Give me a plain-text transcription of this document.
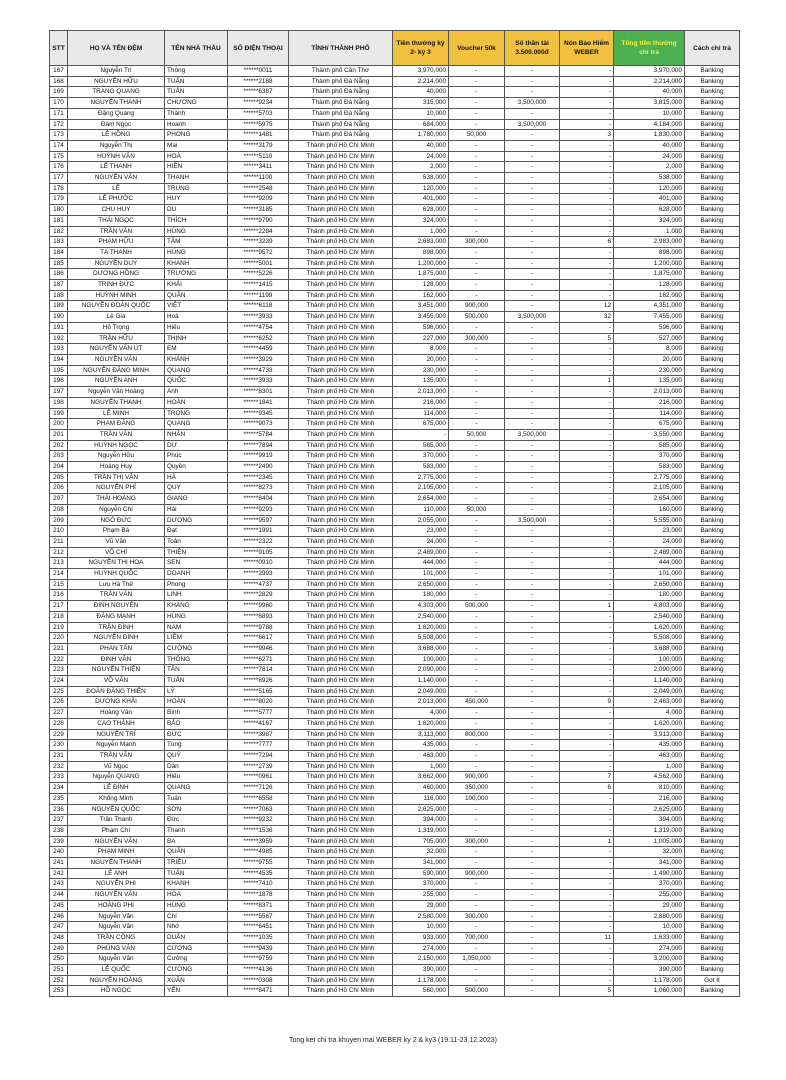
STT	HỌ VÀ TÊN ĐỆM	TÊN NHÀ THẦU	SỐ ĐIỆN THOẠI	TỈNH/ THÀNH PHỐ	Tiền thưởng kỳ 2- kỳ 3	Voucher 50k	Số thần tài 3.500.000đ	Nón Bảo Hiểm WEBER	Tổng tiền thưởng chi trả	Cách chi trả
167	Nguyễn Trí	Thông	******0011	Thành phố Cần Thơ	3,970,000	-	-	-	3,970,000	Banking
168	NGUYỄN HỮU	TUẤN	******2188	Thành phố Đà Nẵng	2,214,000	-	-	-	2,214,000	Banking
169	TRANG QUANG	TUẤN	******6387	Thành phố Đà Nẵng	40,000	-	-	-	40,000	Banking
170	NGUYỄN THANH	CHƯƠNG	******9234	Thành phố Đà Nẵng	315,000	-	3,500,000	-	3,815,000	Banking
171	Đặng Quang	Thành	******5703	Thành phố Đà Nẵng	10,000	-	-	-	10,000	Banking
172	Đàm Ngọc	Hoanh	******5975	Thành phố Đà Nẵng	684,000	-	3,500,000	-	4,184,000	Banking
173	LÊ HỒNG	PHONG	******1481	Thành phố Đà Nẵng	1,780,000	50,000	-	3	1,830,000	Banking
174	Nguyễn Thị	Mai	******3179	Thành phố Hồ Chí Minh	40,000	-	-	-	40,000	Banking
175	HUỲNH VĂN	HOÀ	******5110	Thành phố Hồ Chí Minh	24,000	-	-	-	24,000	Banking
176	LÊ THANH	HIỀN	******3411	Thành phố Hồ Chí Minh	2,000	-	-	-	2,000	Banking
177	NGUYỄN VĂN	THANH	******1100	Thành phố Hồ Chí Minh	538,000	-	-	-	538,000	Banking
178	LÊ	TRUNG	******2548	Thành phố Hồ Chí Minh	120,000	-	-	-	120,000	Banking
179	LÊ PHƯỚC	HUY	******9209	Thành phố Hồ Chí Minh	401,000	-	-	-	401,000	Banking
180	CHU HUY	DU	******3185	Thành phố Hồ Chí Minh	628,000	-	-	-	628,000	Banking
181	THÁI NGỌC	THÍCH	******9790	Thành phố Hồ Chí Minh	324,000	-	-	-	324,000	Banking
182	TRẦN VĂN	HÙNG	******2284	Thành phố Hồ Chí Minh	1,000	-	-	-	1,000	Banking
183	PHẠM HỮU	TÂM	******3239	Thành phố Hồ Chí Minh	2,683,000	300,000	-	6	2,983,000	Banking
184	TẠ THANH	HÙNG	******9572	Thành phố Hồ Chí Minh	898,000	-	-	-	898,000	Banking
185	NGUYỄN DUY	KHANH	******5001	Thành phố Hồ Chí Minh	1,200,000	-	-	-	1,200,000	Banking
186	DƯƠNG HỒNG	TRƯỜNG	******5226	Thành phố Hồ Chí Minh	1,875,000	-	-	-	1,875,000	Banking
187	TRỊNH ĐỨC	KHẢI	******1415	Thành phố Hồ Chí Minh	128,000	-	-	-	128,000	Banking
188	HUỲNH MINH	QUÂN	******1199	Thành phố Hồ Chí Minh	162,000	-	-	-	162,000	Banking
189	NGUYỄN ĐOÀN QUỐC	VIỆT	******6118	Thành phố Hồ Chí Minh	3,451,000	900,000	-	12	4,351,000	Banking
190	Lê Gia	Hoà	******3933	Thành phố Hồ Chí Minh	3,455,000	500,000	3,500,000	32	7,455,000	Banking
191	Hồ Trọng	Hiếu	******4754	Thành phố Hồ Chí Minh	596,000	-	-	-	596,000	Banking
192	TRẦN HỮU	THỊNH	******6252	Thành phố Hồ Chí Minh	227,000	300,000	-	5	527,000	Banking
193	NGUYỄN VĂN ÚT	EM	******4459	Thành phố Hồ Chí Minh	8,000	-	-	-	8,000	Banking
194	NGUYỄN VĂN	KHÁNH	******3929	Thành phố Hồ Chí Minh	20,000	-	-	-	20,000	Banking
195	NGUYỄN ĐĂNG MINH	QUANG	******4733	Thành phố Hồ Chí Minh	230,000	-	-	-	230,000	Banking
196	NGUYỄN ANH	QUỐC	******3933	Thành phố Hồ Chí Minh	135,000	-	-	1	135,000	Banking
197	Nguyễn Văn Hoàng	Anh	******8301	Thành phố Hồ Chí Minh	2,013,000	-	-	-	2,013,000	Banking
198	NGUYỄN THANH	HOÀN	******1841	Thành phố Hồ Chí Minh	216,000	-	-	-	216,000	Banking
199	LÊ MINH	TRỌNG	******9345	Thành phố Hồ Chí Minh	114,000	-	-	-	114,000	Banking
200	PHẠM ĐĂNG	QUANG	******9073	Thành phố Hồ Chí Minh	675,000	-	-	-	675,000	Banking
201	TRẦN VĂN	NHÂN	******5784	Thành phố Hồ Chí Minh	-	50,000	3,500,000	-	3,550,000	Banking
202	HUỲNH NGỌC	DƯ	******7894	Thành phố Hồ Chí Minh	585,000	-	-	-	585,000	Banking
203	Nguyễn Hữu	Phúc	******9919	Thành phố Hồ Chí Minh	370,000	-	-	-	370,000	Banking
204	Hoàng Huy	Quyền	******2490	Thành phố Hồ Chí Minh	583,000	-	-	-	583,000	Banking
205	TRẦN THỊ VÂN	HÀ	******2345	Thành phố Hồ Chí Minh	2,775,000	-	-	-	2,775,000	Banking
206	NGUYỄN PHÍ	QUY	******8273	Thành phố Hồ Chí Minh	2,105,000	-	-	-	2,105,000	Banking
207	THÁI HOÀNG	GIANG	******8404	Thành phố Hồ Chí Minh	2,654,000	-	-	-	2,654,000	Banking
208	Nguyễn Chí	Hải	******9293	Thành phố Hồ Chí Minh	110,000	50,000	-	-	160,000	Banking
209	NGÔ ĐỨC	DƯƠNG	******9597	Thành phố Hồ Chí Minh	2,055,000	-	3,500,000	-	5,555,000	Banking
210	Phạm Bá	Đạt	******1991	Thành phố Hồ Chí Minh	23,000	-	-	-	23,000	Banking
211	Vũ Văn	Toản	******2322	Thành phố Hồ Chí Minh	24,000	-	-	-	24,000	Banking
212	VÕ CHÍ	THIỆN	******9105	Thành phố Hồ Chí Minh	2,489,000	-	-	-	2,489,000	Banking
213	NGUYỄN THỊ HOA	SEN	******0910	Thành phố Hồ Chí Minh	444,000	-	-	-	444,000	Banking
214	HUỲNH QUỐC	DOANH	******2993	Thành phố Hồ Chí Minh	101,000	-	-	-	101,000	Banking
215	Lưu Hà Thế	Phong	******4737	Thành phố Hồ Chí Minh	2,650,000	-	-	-	2,650,000	Banking
216	TRẦN VĂN	LINH	******2829	Thành phố Hồ Chí Minh	180,000	-	-	-	180,000	Banking
217	ĐINH NGUYÊN	KHANG	******9960	Thành phố Hồ Chí Minh	4,303,000	500,000	-	1	4,803,000	Banking
218	ĐẶNG MẠNH	HÙNG	******6893	Thành phố Hồ Chí Minh	2,540,000	-	-	-	2,540,000	Banking
219	TRẦN ĐÌNH	NAM	******9788	Thành phố Hồ Chí Minh	1,620,000	-	-	-	1,620,000	Banking
220	NGUYỄN ĐÌNH	LIÊM	******6617	Thành phố Hồ Chí Minh	5,508,000	-	-	-	5,508,000	Banking
221	PHAN TẤN	CƯỜNG	******9946	Thành phố Hồ Chí Minh	3,688,000	-	-	-	3,688,000	Banking
222	ĐINH VĂN	THÔNG	******6271	Thành phố Hồ Chí Minh	100,000	-	-	-	100,000	Banking
223	NGUYỄN THIỆN	TÂN	******7814	Thành phố Hồ Chí Minh	2,090,000	-	-	-	2,090,000	Banking
224	VÕ VĂN	TUẤN	******8926	Thành phố Hồ Chí Minh	1,140,000	-	-	-	1,140,000	Banking
225	ĐOÀN ĐĂNG THIÊN	LÝ	******5165	Thành phố Hồ Chí Minh	2,049,000	-	-	-	2,049,000	Banking
226	DƯƠNG KHẢI	HOÀN	******8020	Thành phố Hồ Chí Minh	2,013,000	450,000	-	9	2,463,000	Banking
227	Hoàng Văn	Bình	******5777	Thành phố Hồ Chí Minh	4,000	-	-	-	4,000	Banking
228	CAO THÀNH	BẢO	******4167	Thành phố Hồ Chí Minh	1,620,000	-	-	-	1,620,000	Banking
229	NGUYỄN TRÍ	ĐỨC	******3987	Thành phố Hồ Chí Minh	3,113,000	800,000	-	-	3,913,000	Banking
230	Nguyễn Mạnh	Tùng	******7777	Thành phố Hồ Chí Minh	435,000	-	-	-	435,000	Banking
231	TRẦN VĂN	QUÝ	******7294	Thành phố Hồ Chí Minh	463,000	-	-	-	463,000	Banking
232	Vũ Ngọc	Dân	******2739	Thành phố Hồ Chí Minh	1,000	-	-	-	1,000	Banking
233	Nguyễn QUANG	Hiếu	******0961	Thành phố Hồ Chí Minh	3,662,000	900,000	-	7	4,562,000	Banking
234	LÊ ĐÌNH	QUANG	******7126	Thành phố Hồ Chí Minh	460,000	350,000	-	6	810,000	Banking
235	Khổng Minh	Tuấn	******6558	Thành phố Hồ Chí Minh	116,000	100,000	-	-	216,000	Banking
236	NGUYỄN QUỐC	SƠN	******7063	Thành phố Hồ Chí Minh	2,625,000	-	-	-	2,625,000	Banking
237	Trần Thanh	Đức	******9232	Thành phố Hồ Chí Minh	394,000	-	-	-	394,000	Banking
238	Phạm Chí	Thanh	******1536	Thành phố Hồ Chí Minh	1,319,000	-	-	-	1,319,000	Banking
239	NGUYỄN VĂN	BA	******3959	Thành phố Hồ Chí Minh	705,000	300,000	-	1	1,005,000	Banking
240	PHẠM MINH	QUÂN	******4985	Thành phố Hồ Chí Minh	32,000	-	-	-	32,000	Banking
241	NGUYỄN THANH	TRIỀU	******9755	Thành phố Hồ Chí Minh	341,000	-	-	-	341,000	Banking
242	LÊ ANH	TUẤN	******4535	Thành phố Hồ Chí Minh	590,000	900,000	-	-	1,490,000	Banking
243	NGUYỄN PHI	KHANH	******7410	Thành phố Hồ Chí Minh	370,000	-	-	-	370,000	Banking
244	NGUYỄN VĂN	HÒA	******1878	Thành phố Hồ Chí Minh	255,000	-	-	-	255,000	Banking
245	HOÀNG PHI	HÙNG	******8371	Thành phố Hồ Chí Minh	29,000	-	-	-	29,000	Banking
246	Nguyễn Văn	Chí	******5567	Thành phố Hồ Chí Minh	2,580,000	300,000	-	-	2,880,000	Banking
247	Nguyễn Văn	Nhớ	******6451	Thành phố Hồ Chí Minh	10,000	-	-	-	10,000	Banking
248	TRẦN CÔNG	DUẪN	******1035	Thành phố Hồ Chí Minh	933,000	700,000	-	11	1,633,000	Banking
249	PHÙNG VĂN	CƯƠNG	******9439	Thành phố Hồ Chí Minh	274,000	-	-	-	274,000	Banking
250	Nguyễn Văn	Cường	******9759	Thành phố Hồ Chí Minh	2,150,000	1,050,000	-	-	3,200,000	Banking
251	LÊ QUỐC	CƯỜNG	******4136	Thành phố Hồ Chí Minh	390,000	-	-	-	390,000	Banking
252	NGUYỄN HOÀNG	XUÂN	******0308	Thành phố Hồ Chí Minh	1,178,000	-	-	-	1,178,000	Got It
253	HỒ NGỌC	YẾN	******8471	Thành phố Hồ Chí Minh	560,000	500,000	-	5	1,060,000	Banking
Tong ket chi tra khuyen mai WEBER ky 2 & ky3 (19.11-23.12.2023)
